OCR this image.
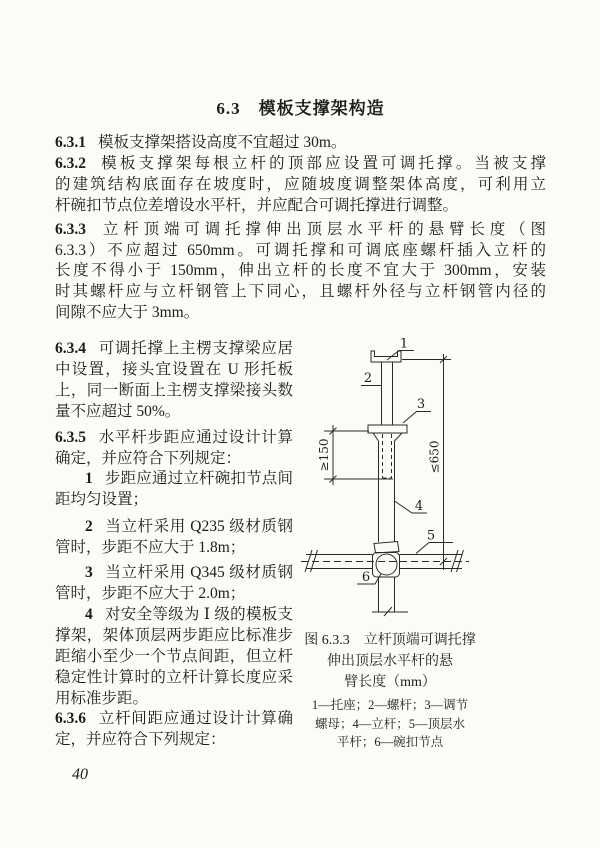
6.3　模板支撑架构造
6.3.1 模板支撑架搭设高度不宜超过 30m。
6.3.2 模板支撑架每根立杆的顶部应设置可调托撑。当被支撑
的建筑结构底面存在坡度时，应随坡度调整架体高度，可利用立
杆碗扣节点位差增设水平杆，并应配合可调托撑进行调整。
6.3.3 立杆顶端可调托撑伸出顶层水平杆的悬臂长度（图
6.3.3）不应超过 650mm。可调托撑和可调底座螺杆插入立杆的
长度不得小于 150mm，伸出立杆的长度不宜大于 300mm，安装
时其螺杆应与立杆钢管上下同心，且螺杆外径与立杆钢管内径的
间隙不应大于 3mm。
6.3.4 可调托撑上主楞支撑梁应居
中设置，接头宜设置在 U 形托板
上，同一断面上主楞支撑梁接头数
量不应超过 50%。
6.3.5 水平杆步距应通过设计计算
确定，并应符合下列规定：
1 步距应通过立杆碗扣节点间
距均匀设置；
2 当立杆采用 Q235 级材质钢
管时，步距不应大于 1.8m；
3 当立杆采用 Q345 级材质钢
管时，步距不应大于 2.0m；
4 对安全等级为 Ⅰ 级的模板支
撑架，架体顶层两步距应比标准步
距缩小至少一个节点间距，但立杆
稳定性计算时的立杆计算长度应采
用标准步距。
6.3.6 立杆间距应通过设计计算确
定，并应符合下列规定：
≥150	≤650
1
2
3
4
5
6
图 6.3.3　立杆顶端可调托撑
伸出顶层水平杆的悬
臂长度（mm）
1—托座；2—螺杆；3—调节
螺母；4—立杆；5—顶层水
平杆；6—碗扣节点
40
